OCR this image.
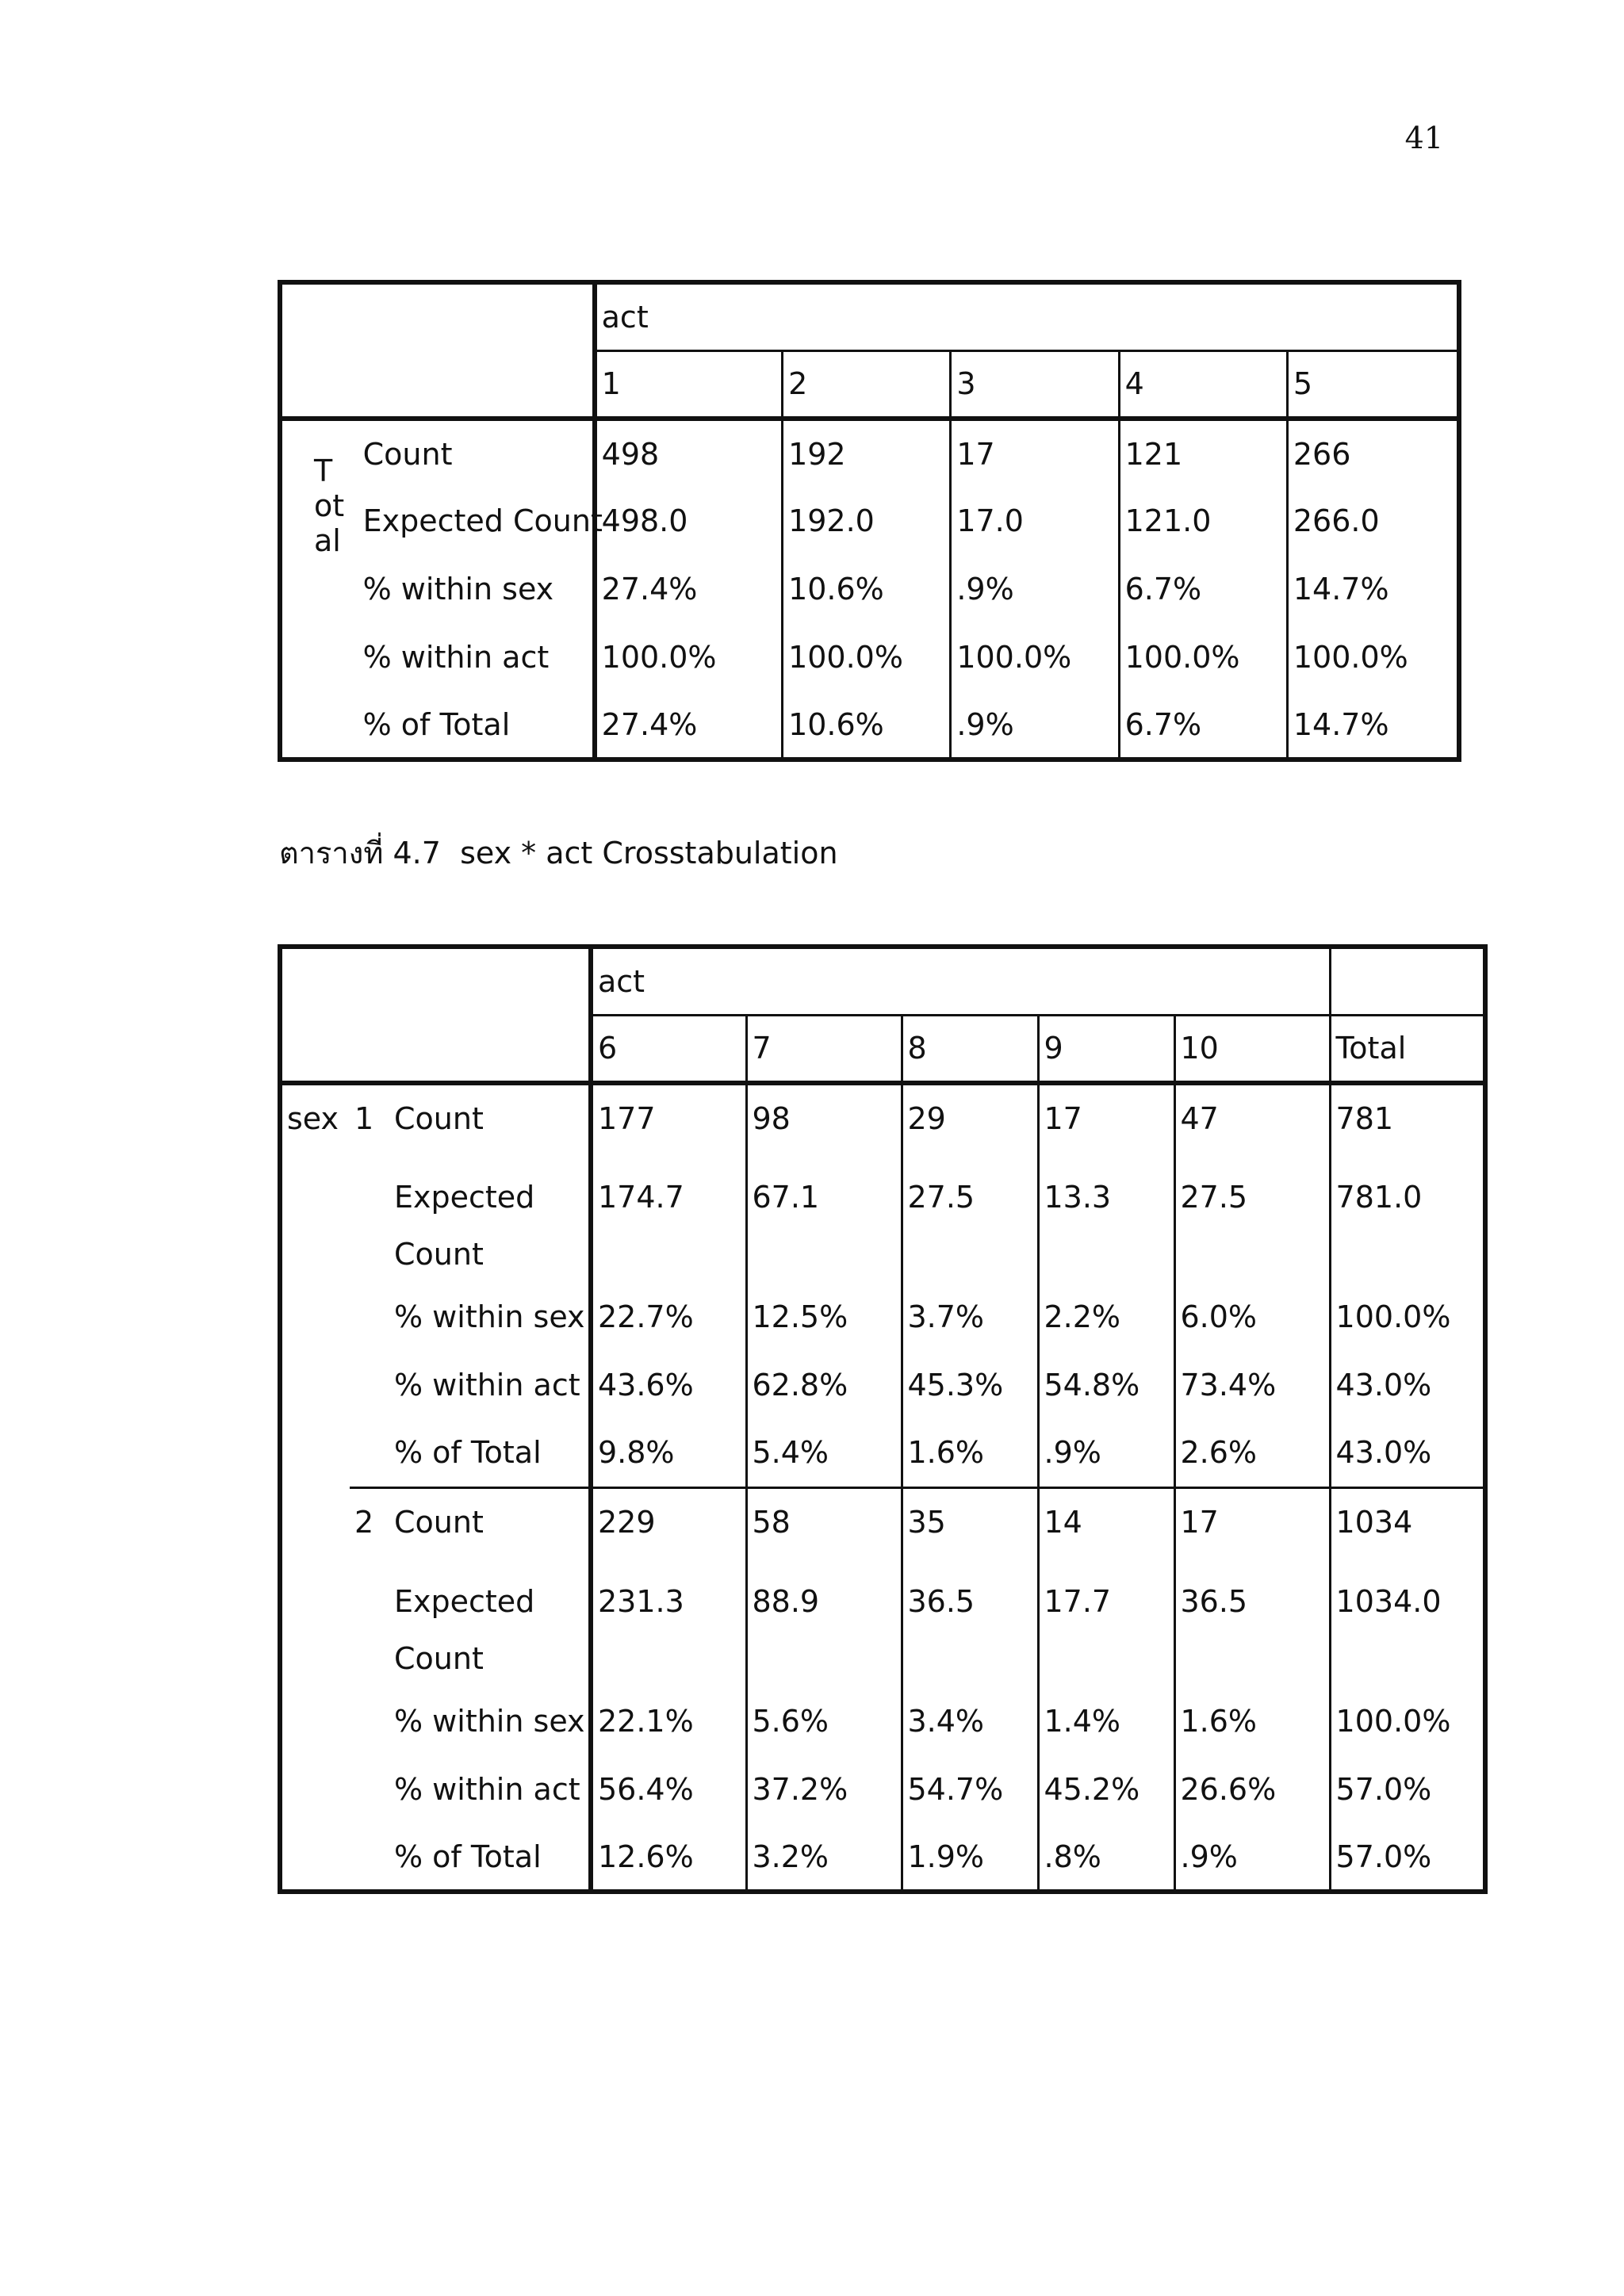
41
		act				
		1	2	3	4	5

T
ot
al	Count	498	192	17	121	266
	Expected Count	498.0	192.0	17.0	121.0	266.0
	% within sex	27.4%	10.6%	.9%	6.7%	14.7%
	% within act	100.0%	100.0%	100.0%	100.0%	100.0%
	% of Total	27.4%	10.6%	.9%	6.7%	14.7%
ตารางที่ 4.7 sex * act Crosstabulation
			act					
			6	7	8	9	10	Total
sex	1	Count	177	98	29	17	47	781
		Expected Count	174.7	67.1	27.5	13.3	27.5	781.0
		% within sex	22.7%	12.5%	3.7%	2.2%	6.0%	100.0%
		% within act	43.6%	62.8%	45.3%	54.8%	73.4%	43.0%
		% of Total	9.8%	5.4%	1.6%	.9%	2.6%	43.0%
	2	Count	229	58	35	14	17	1034
		Expected Count	231.3	88.9	36.5	17.7	36.5	1034.0
		% within sex	22.1%	5.6%	3.4%	1.4%	1.6%	100.0%
		% within act	56.4%	37.2%	54.7%	45.2%	26.6%	57.0%
		% of Total	12.6%	3.2%	1.9%	.8%	.9%	57.0%
